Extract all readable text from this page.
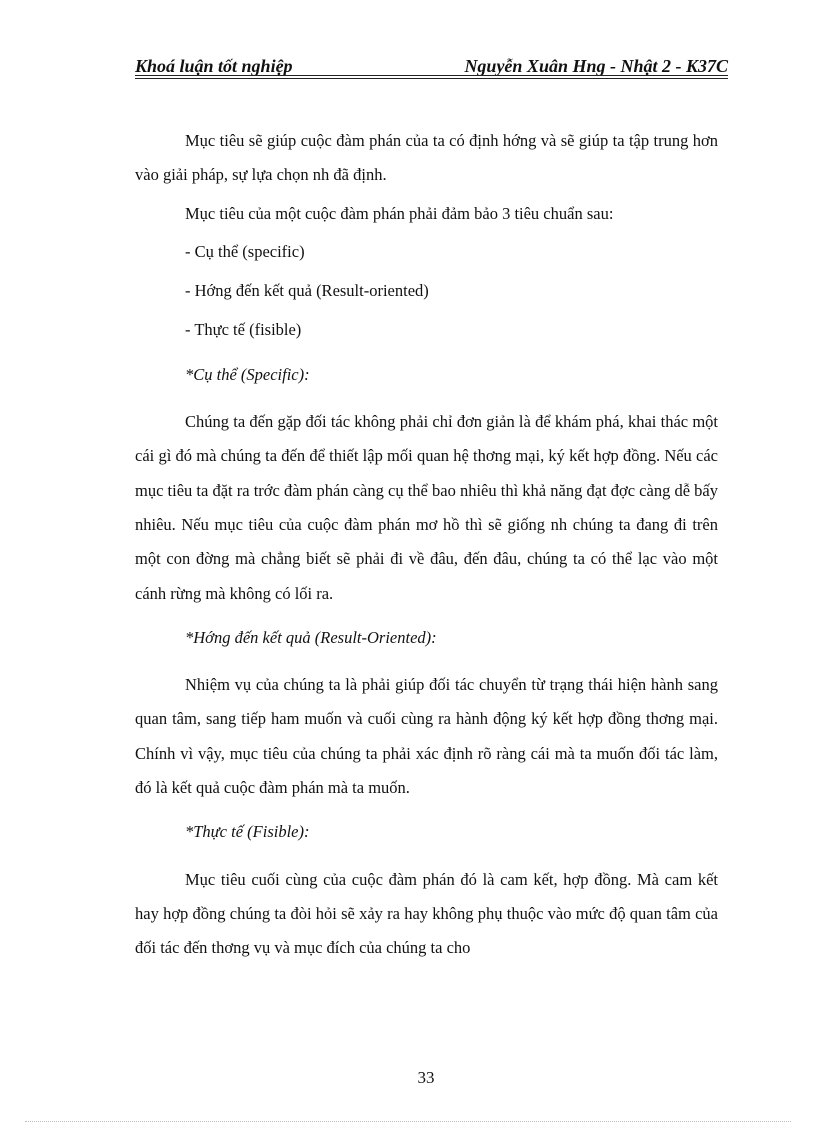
Khoá luận tốt nghiệp	Nguyễn Xuân Hng - Nhật 2 - K37C

Mục tiêu sẽ giúp cuộc đàm phán của ta có định hớng và sẽ giúp ta tập trung hơn vào giải pháp, sự lựa chọn nh đã định.

Mục tiêu của một cuộc đàm phán phải đảm bảo 3 tiêu chuẩn sau:

- Cụ thể (specific)
- Hớng đến kết quả (Result-oriented)
- Thực tế (fisible)
*Cụ thể (Specific):

Chúng ta đến gặp đối tác không phải chỉ đơn giản là để khám phá, khai thác một cái gì đó mà chúng ta đến để thiết lập mối quan hệ thơng mại, ký kết hợp đồng. Nếu các mục tiêu ta đặt ra trớc đàm phán càng cụ thể bao nhiêu thì khả năng đạt đợc càng dễ bấy nhiêu. Nếu mục tiêu của cuộc đàm phán mơ hồ thì sẽ giống nh chúng ta đang đi trên một con đờng mà chẳng biết sẽ phải đi về đâu, đến đâu, chúng ta có thể lạc vào một cánh rừng mà không có lối ra.

*Hớng đến kết quả (Result-Oriented):

Nhiệm vụ của chúng ta là phải giúp đối tác chuyển từ trạng thái hiện hành sang quan tâm, sang tiếp ham muốn và cuối cùng ra hành động ký kết hợp đồng thơng mại. Chính vì vậy, mục tiêu của chúng ta phải xác định rõ ràng cái mà ta muốn đối tác làm, đó là kết quả cuộc đàm phán mà ta muốn.

*Thực tế (Fisible):

Mục tiêu cuối cùng của cuộc đàm phán đó là cam kết, hợp đồng. Mà cam kết hay hợp đồng chúng ta đòi hỏi sẽ xảy ra hay không phụ thuộc vào mức độ quan tâm của đối tác đến thơng vụ và mục đích của chúng ta cho

33
